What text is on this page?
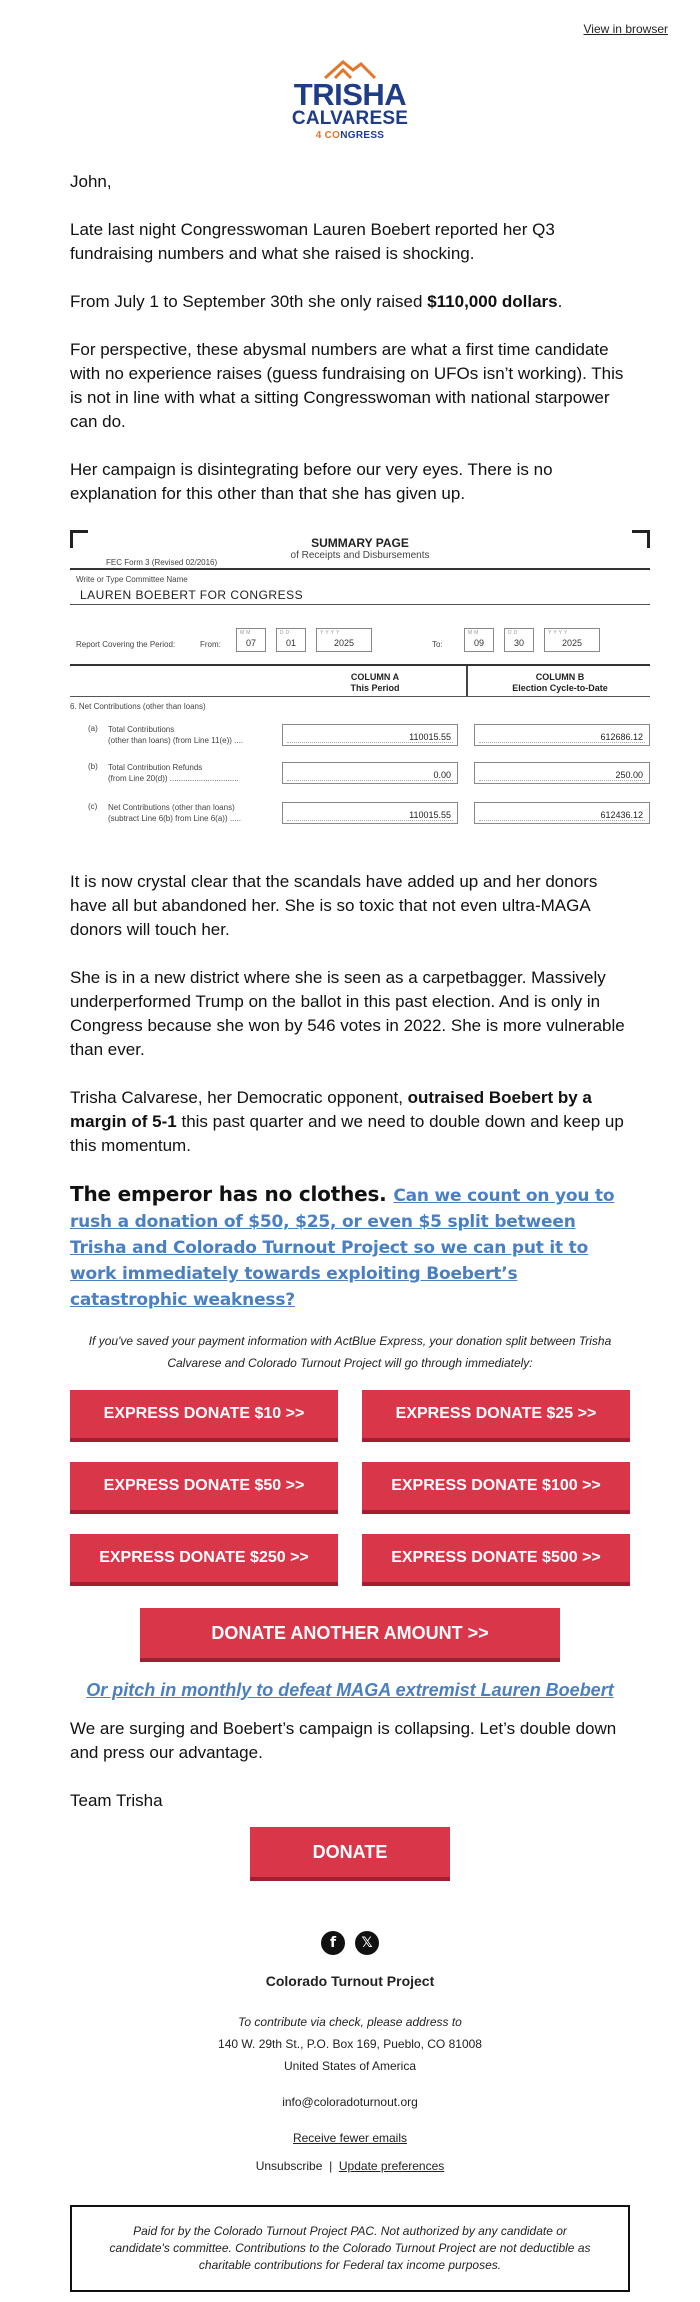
View in browser
TRISHA
CALVARESE
4 CONGRESS

John,

Late last night Congresswoman Lauren Boebert reported her Q3 fundraising numbers and what she raised is shocking.

From July 1 to September 30th she only raised $110,000 dollars.

For perspective, these abysmal numbers are what a first time candidate with no experience raises (guess fundraising on UFOs isn’t working). This is not in line with what a sitting Congresswoman with national starpower can do.

Her campaign is disintegrating before our very eyes. There is no explanation for this other than that she has given up.

SUMMARY PAGE
of Receipts and Disbursements
FEC Form 3 (Revised 02/2016)
Write or Type Committee Name
LAUREN BOEBERT FOR CONGRESS
Report Covering the Period:	From:
MM
07
DD
01
YYYY
2025	To:
MM
09
DD
30
YYYY
2025
COLUMN A
This Period
COLUMN B
Election Cycle-to-Date
6. Net Contributions (other than loans)
(a) Total Contributions
(other than loans) (from Line 11(e)) ....	110015.55	612686.12
(b) Total Contribution Refunds
(from Line 20(d)) ...............................	0.00	250.00
(c) Net Contributions (other than loans)
(subtract Line 6(b) from Line 6(a)) .....	110015.55	612436.12

It is now crystal clear that the scandals have added up and her donors have all but abandoned her. She is so toxic that not even ultra-MAGA donors will touch her.

She is in a new district where she is seen as a carpetbagger. Massively underperformed Trump on the ballot in this past election. And is only in Congress because she won by 546 votes in 2022. She is more vulnerable than ever.

Trisha Calvarese, her Democratic opponent, outraised Boebert by a margin of 5-1 this past quarter and we need to double down and keep up this momentum.

The emperor has no clothes. Can we count on you to rush a donation of $50, $25, or even $5 split between Trisha and Colorado Turnout Project so we can put it to work immediately towards exploiting Boebert’s catastrophic weakness?

If you've saved your payment information with ActBlue Express, your donation split between Trisha Calvarese and Colorado Turnout Project will go through immediately:

EXPRESS DONATE $10 >>	EXPRESS DONATE $25 >>
EXPRESS DONATE $50 >>	EXPRESS DONATE $100 >>
EXPRESS DONATE $250 >>	EXPRESS DONATE $500 >>
DONATE ANOTHER AMOUNT >>

Or pitch in monthly to defeat MAGA extremist Lauren Boebert

We are surging and Boebert’s campaign is collapsing. Let’s double down and press our advantage.

Team Trisha

DONATE
f	𝕏
Colorado Turnout Project
To contribute via check, please address to
140 W. 29th St., P.O. Box 169, Pueblo, CO 81008
United States of America
info@coloradoturnout.org
Receive fewer emails
Unsubscribe | Update preferences
Paid for by the Colorado Turnout Project PAC. Not authorized by any candidate or candidate's committee. Contributions to the Colorado Turnout Project are not deductible as charitable contributions for Federal tax income purposes.
